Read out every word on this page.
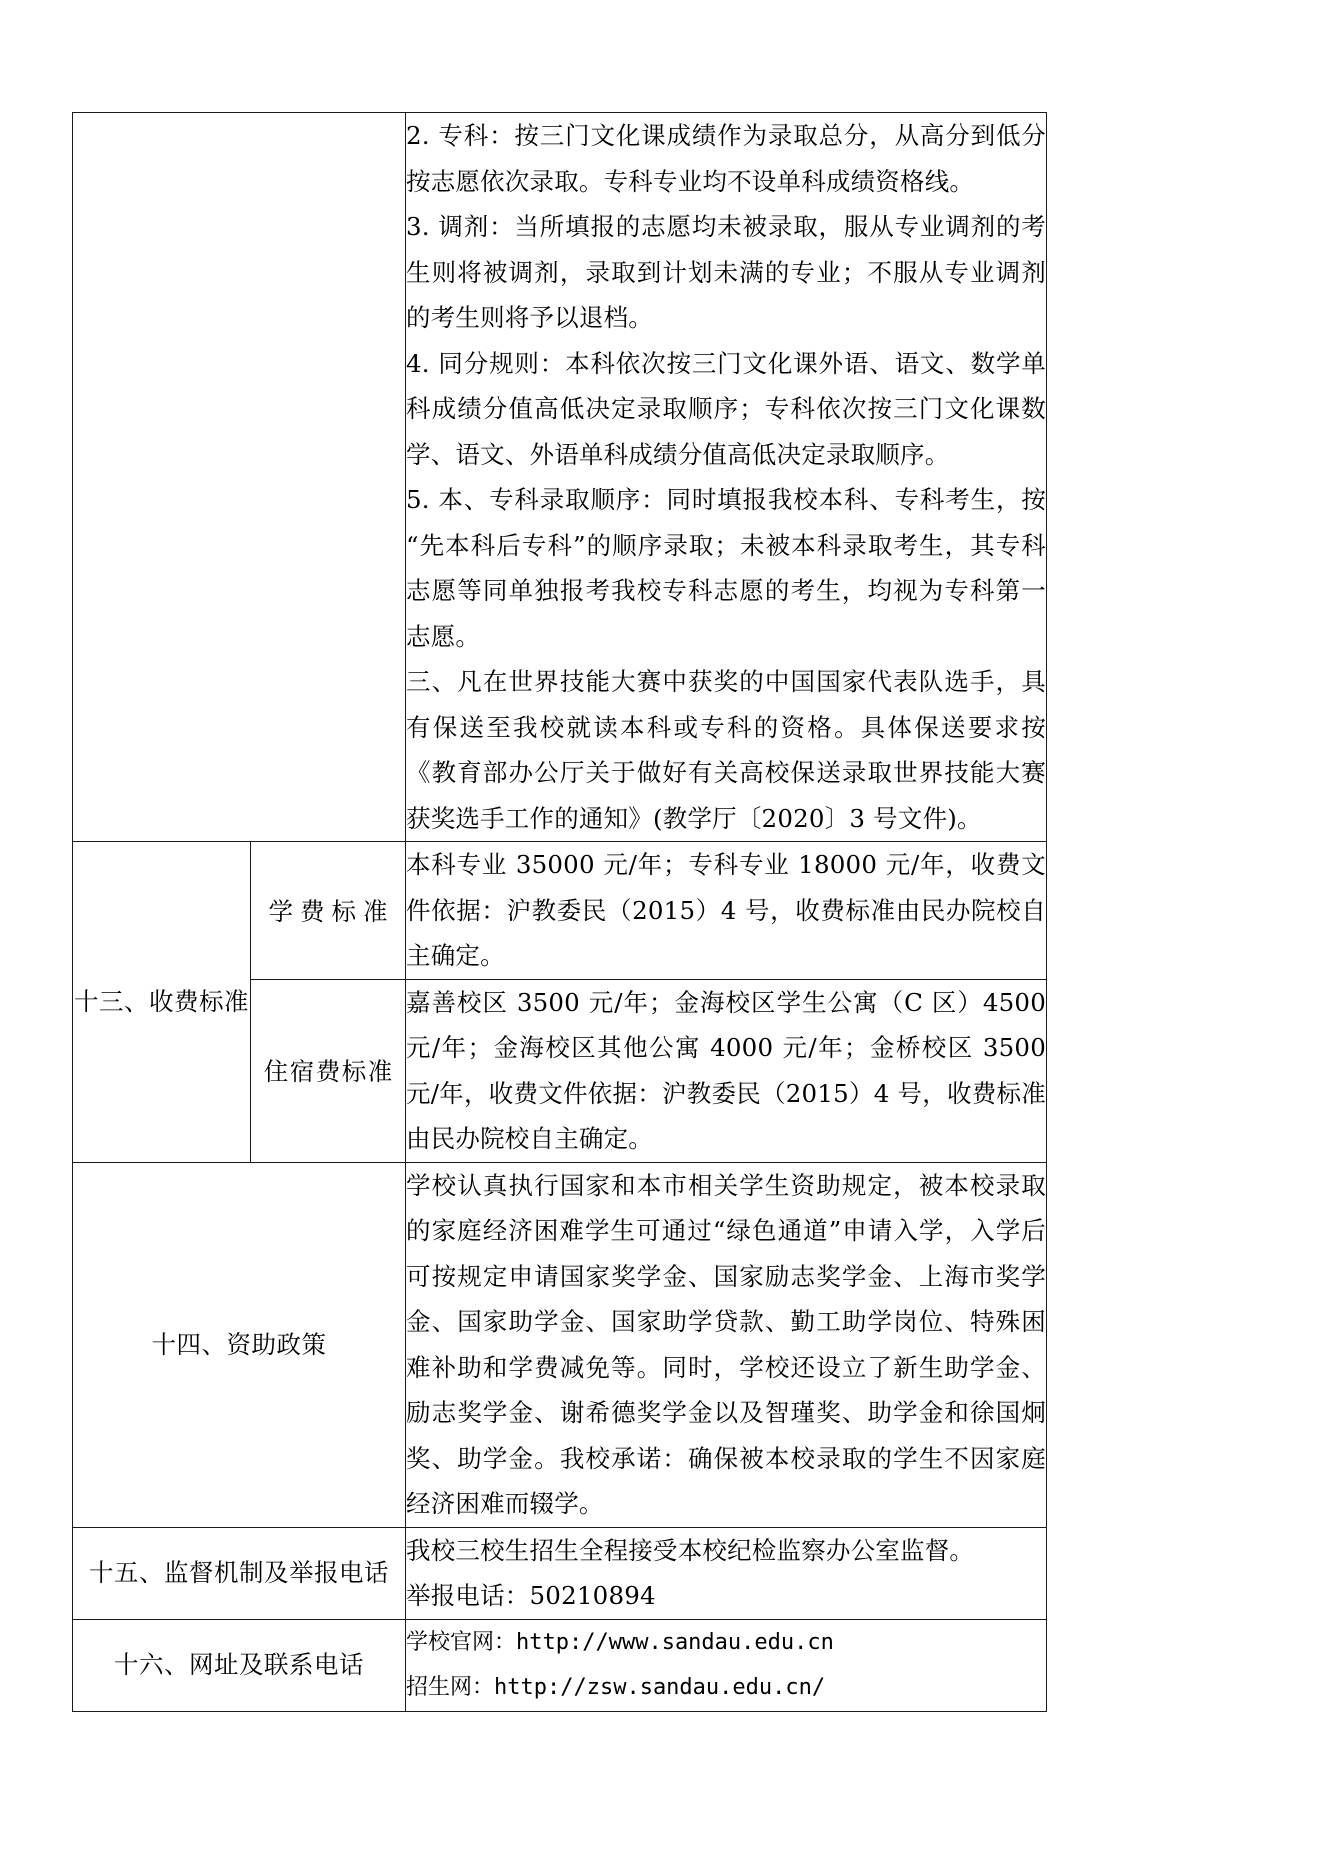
		2. 专科：按三门文化课成绩作为录取总分，从高分到低分按志愿依次录取。专科专业均不设单科成绩资格线。

3. 调剂：当所填报的志愿均未被录取，服从专业调剂的考生则将被调剂，录取到计划未满的专业；不服从专业调剂的考生则将予以退档。

4. 同分规则：本科依次按三门文化课外语、语文、数学单科成绩分值高低决定录取顺序；专科依次按三门文化课数学、语文、外语单科成绩分值高低决定录取顺序。

5. 本、专科录取顺序：同时填报我校本科、专科考生，按“先本科后专科”的顺序录取；未被本科录取考生，其专科志愿等同单独报考我校专科志愿的考生，均视为专科第一志愿。

三、凡在世界技能大赛中获奖的中国国家代表队选手，具有保送至我校就读本科或专科的资格。具体保送要求按《教育部办公厅关于做好有关高校保送录取世界技能大赛获奖选手工作的通知》(教学厅〔2020〕3 号文件)。

十三、收费标准	学费标准	本科专业 35000 元/年；专科专业 18000 元/年，收费文件依据：沪教委民（2015）4 号，收费标准由民办院校自主确定。

	住宿费标准	嘉善校区 3500 元/年；金海校区学生公寓（C 区）4500 元/年；金海校区其他公寓 4000 元/年；金桥校区 3500 元/年，收费文件依据：沪教委民（2015）4 号，收费标准由民办院校自主确定。

十四、资助政策		学校认真执行国家和本市相关学生资助规定，被本校录取的家庭经济困难学生可通过“绿色通道”申请入学，入学后可按规定申请国家奖学金、国家励志奖学金、上海市奖学金、国家助学金、国家助学贷款、勤工助学岗位、特殊困难补助和学费减免等。同时，学校还设立了新生助学金、励志奖学金、谢希德奖学金以及智瑾奖、助学金和徐国炯奖、助学金。我校承诺：确保被本校录取的学生不因家庭经济困难而辍学。

十五、监督机制及举报电话		我校三校生招生全程接受本校纪检监察办公室监督。

举报电话：50210894

十六、网址及联系电话		学校官网：http://www.sandau.edu.cn

招生网：http://zsw.sandau.edu.cn/
